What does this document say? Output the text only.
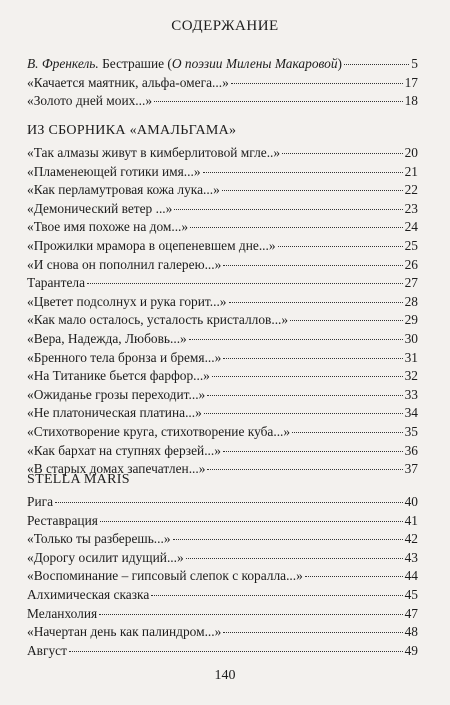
СОДЕРЖАНИЕ
В. Френкель. Бестрашие (О поэзии Милены Макаровой)	5
«Качается маятник, альфа-омега...»	17
«Золото дней моих...»	18
ИЗ СБОРНИКА «АМАЛЬГАМА»
«Так алмазы живут в кимберлитовой мгле..»	20
«Пламенеющей готики имя...»	21
«Как перламутровая кожа лука...»	22
«Демонический ветер ...»	23
«Твое имя похоже на дом...»	24
«Прожилки мрамора в оцепеневшем дне...»	25
«И снова он пополнил галерею...»	26
Тарантела	27
«Цветет подсолнух и рука горит...»	28
«Как мало осталось, усталость кристаллов...»	29
«Вера, Надежда, Любовь...»	30
«Бренного тела бронза и бремя...»	31
«На Титанике бьется фарфор...»	32
«Ожиданье грозы переходит...»	33
«Не платоническая платина...»	34
«Стихотворение круга, стихотворение куба...»	35
«Как бархат на ступнях ферзей...»	36
«В старых домах запечатлен...»	37
STELLA MARIS
Рига	40
Реставрация	41
«Только ты разберешь...»	42
«Дорогу осилит идущий...»	43
«Воспоминание – гипсовый слепок с коралла...»	44
Алхимическая сказка	45
Меланхолия	47
«Начертан день как палиндром...»	48
Август	49
140
